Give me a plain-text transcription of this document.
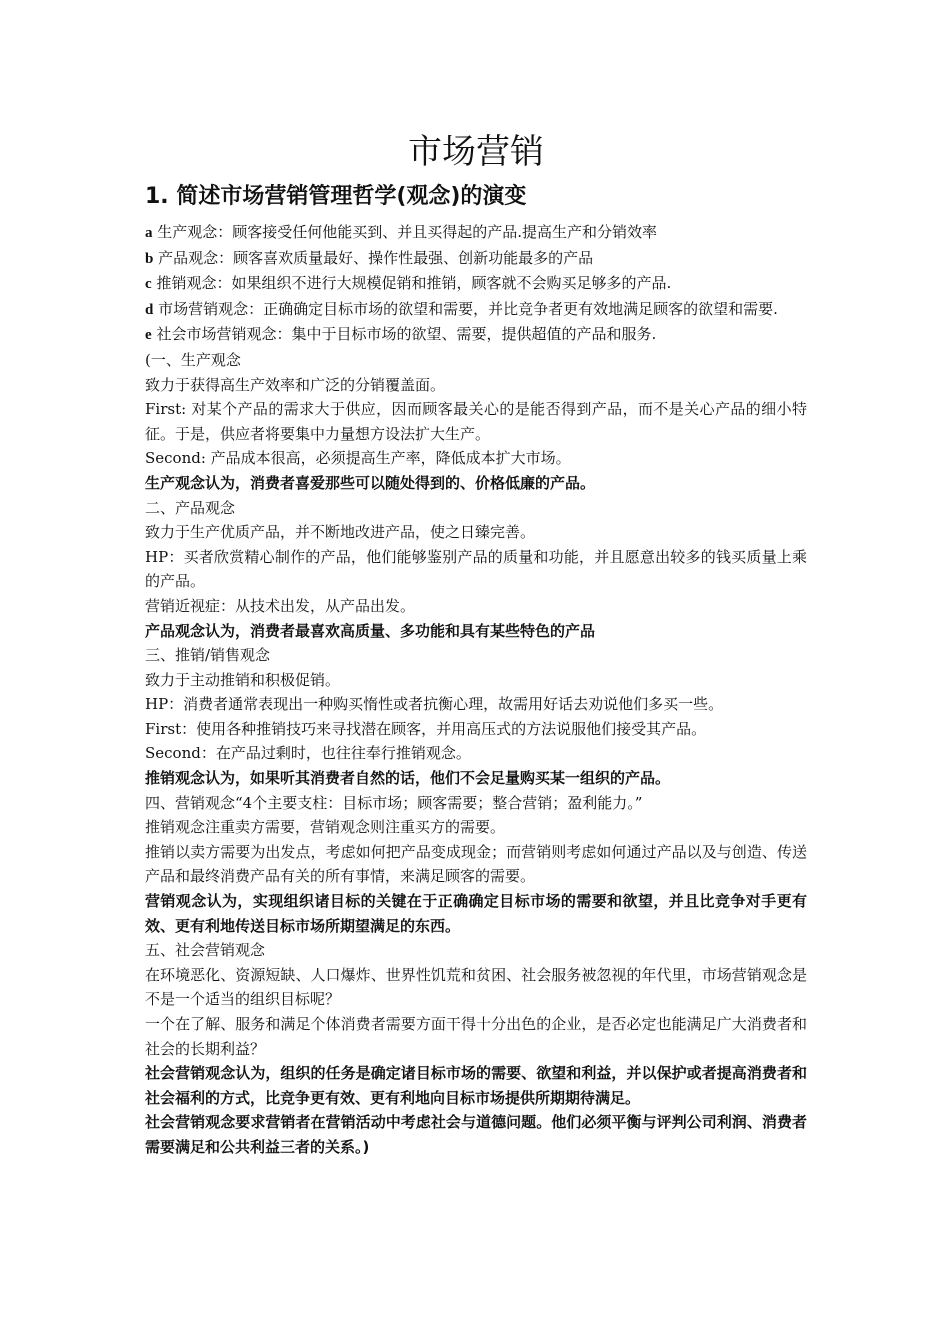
市场营销
1. 简述市场营销管理哲学(观念)的演变

a 生产观念：顾客接受任何他能买到、并且买得起的产品.提高生产和分销效率

b 产品观念：顾客喜欢质量最好、操作性最强、创新功能最多的产品

c 推销观念：如果组织不进行大规模促销和推销，顾客就不会购买足够多的产品.

d 市场营销观念：正确确定目标市场的欲望和需要，并比竞争者更有效地满足顾客的欲望和需要.

e 社会市场营销观念：集中于目标市场的欲望、需要，提供超值的产品和服务.

(一、生产观念

致力于获得高生产效率和广泛的分销覆盖面。

First: 对某个产品的需求大于供应，因而顾客最关心的是能否得到产品，而不是关心产品的细小特征。于是，供应者将要集中力量想方设法扩大生产。

Second: 产品成本很高，必须提高生产率，降低成本扩大市场。

生产观念认为，消费者喜爱那些可以随处得到的、价格低廉的产品。

二、产品观念

致力于生产优质产品，并不断地改进产品，使之日臻完善。

HP：买者欣赏精心制作的产品，他们能够鉴别产品的质量和功能，并且愿意出较多的钱买质量上乘的产品。

营销近视症：从技术出发，从产品出发。

产品观念认为，消费者最喜欢高质量、多功能和具有某些特色的产品

三、推销/销售观念

致力于主动推销和积极促销。

HP：消费者通常表现出一种购买惰性或者抗衡心理，故需用好话去劝说他们多买一些。

First：使用各种推销技巧来寻找潜在顾客，并用高压式的方法说服他们接受其产品。

Second：在产品过剩时，也往往奉行推销观念。

推销观念认为，如果听其消费者自然的话，他们不会足量购买某一组织的产品。

四、营销观念“4个主要支柱：目标市场；顾客需要；整合营销；盈利能力。”

推销观念注重卖方需要，营销观念则注重买方的需要。

推销以卖方需要为出发点，考虑如何把产品变成现金；而营销则考虑如何通过产品以及与创造、传送产品和最终消费产品有关的所有事情，来满足顾客的需要。

营销观念认为，实现组织诸目标的关键在于正确确定目标市场的需要和欲望，并且比竞争对手更有效、更有利地传送目标市场所期望满足的东西。

五、社会营销观念

在环境恶化、资源短缺、人口爆炸、世界性饥荒和贫困、社会服务被忽视的年代里，市场营销观念是不是一个适当的组织目标呢？

一个在了解、服务和满足个体消费者需要方面干得十分出色的企业，是否必定也能满足广大消费者和社会的长期利益？

社会营销观念认为，组织的任务是确定诸目标市场的需要、欲望和利益，并以保护或者提高消费者和社会福利的方式，比竞争更有效、更有利地向目标市场提供所期期待满足。

社会营销观念要求营销者在营销活动中考虑社会与道德问题。他们必须平衡与评判公司利润、消费者需要满足和公共利益三者的关系。)
